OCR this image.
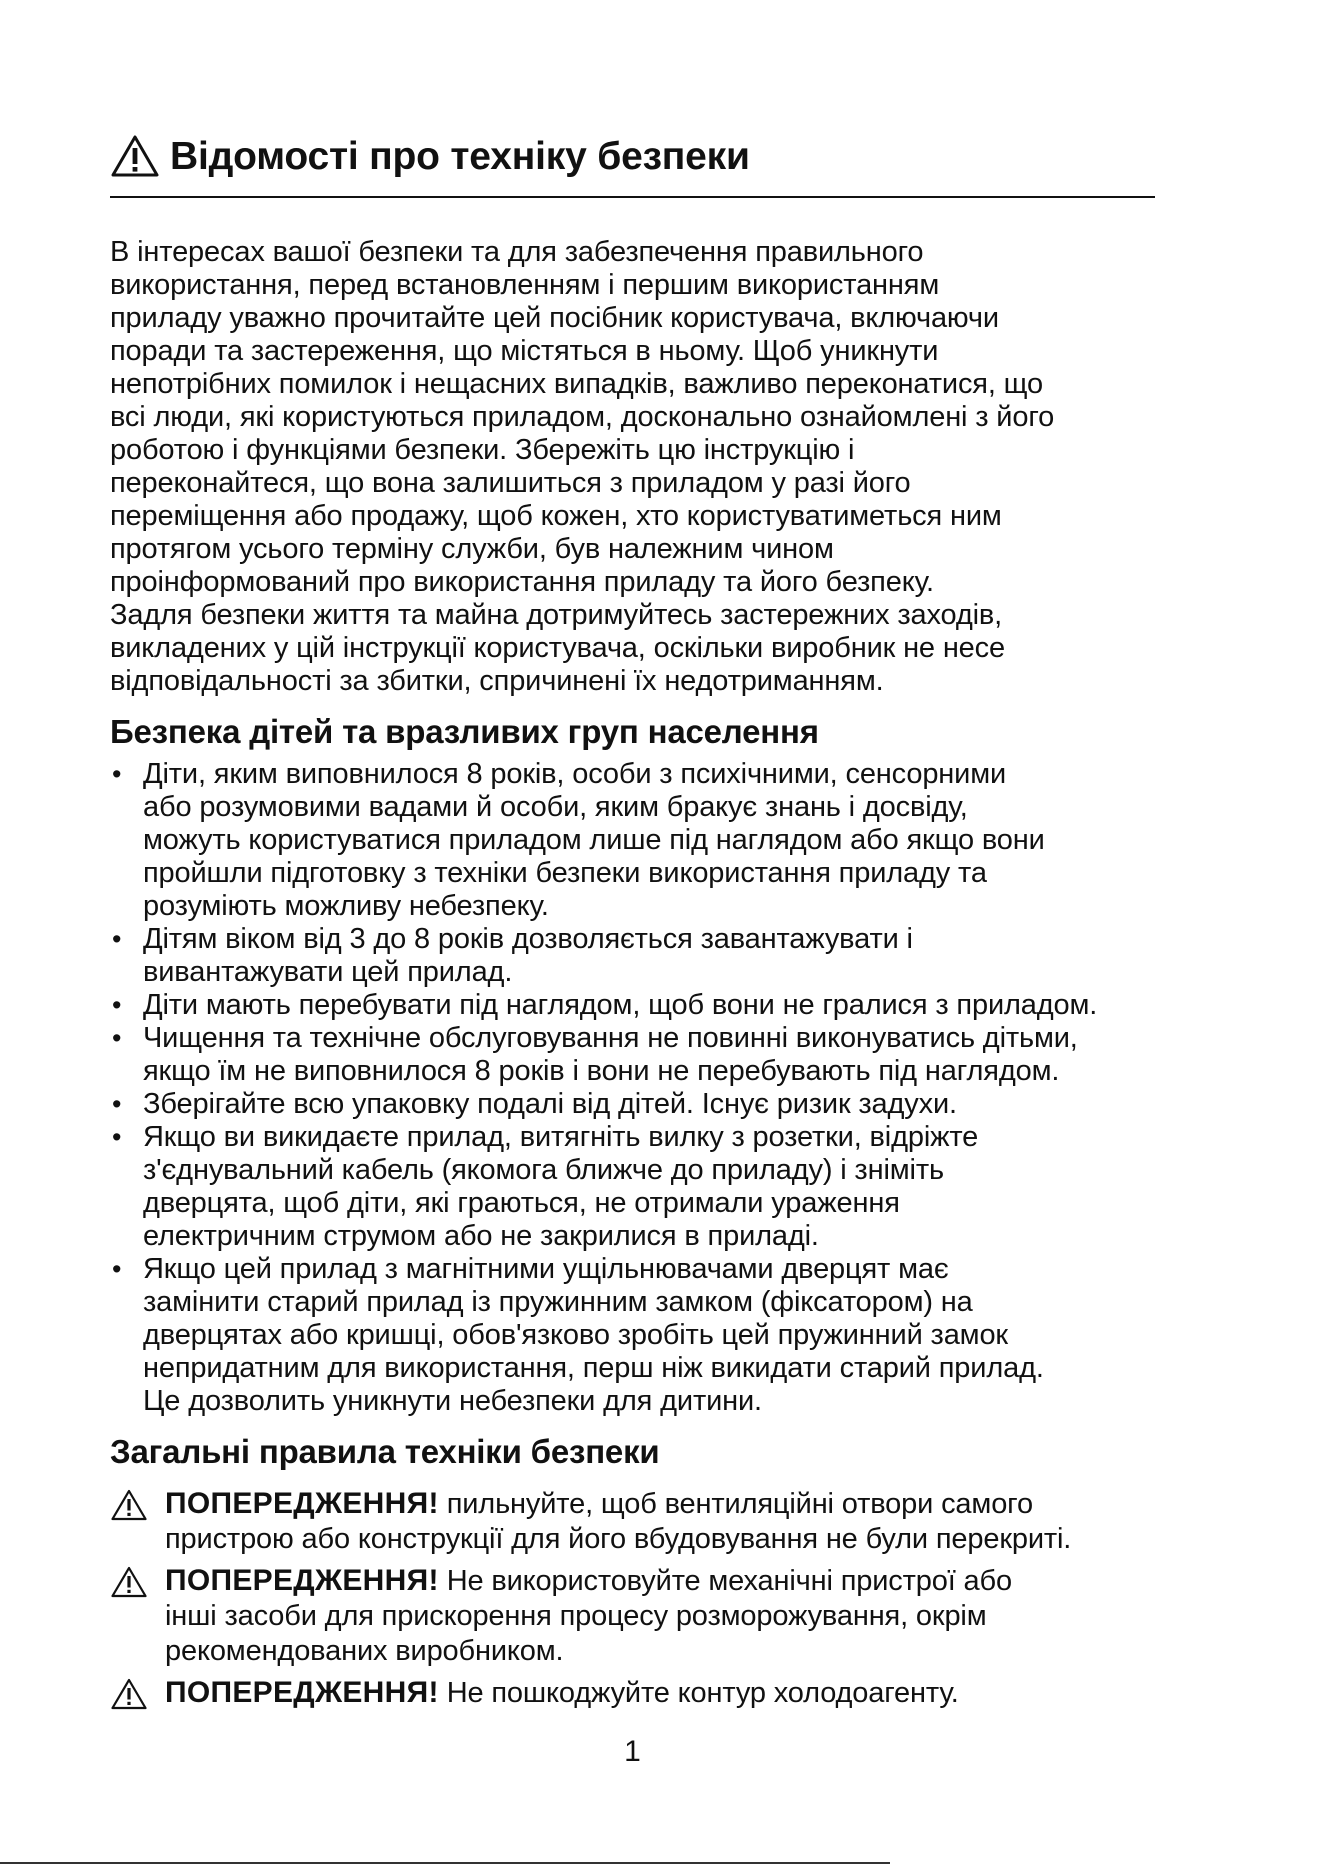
Відомості про техніку безпеки

В інтересах вашої безпеки та для забезпечення правильного

використання, перед встановленням і першим використанням

приладу уважно прочитайте цей посібник користувача, включаючи

поради та застереження, що містяться в ньому. Щоб уникнути

непотрібних помилок і нещасних випадків, важливо переконатися, що

всі люди, які користуються приладом, досконально ознайомлені з його

роботою і функціями безпеки. Збережіть цю інструкцію і

переконайтеся, що вона залишиться з приладом у разі його

переміщення або продажу, щоб кожен, хто користуватиметься ним

протягом усього терміну служби, був належним чином

проінформований про використання приладу та його безпеку.

Задля безпеки життя та майна дотримуйтесь застережних заходів,

викладених у цій інструкції користувача, оскільки виробник не несе

відповідальності за збитки, спричинені їх недотриманням.

Безпека дітей та вразливих груп населення
• Діти, яким виповнилося 8 років, особи з психічними, сенсорними
або розумовими вадами й особи, яким бракує знань і досвіду,
можуть користуватися приладом лише під наглядом або якщо вони
пройшли підготовку з техніки безпеки використання приладу та
розуміють можливу небезпеку.
• Дітям віком від 3 до 8 років дозволяється завантажувати і
вивантажувати цей прилад.
• Діти мають перебувати під наглядом, щоб вони не гралися з приладом.
• Чищення та технічне обслуговування не повинні виконуватись дітьми,
якщо їм не виповнилося 8 років і вони не перебувають під наглядом.
• Зберігайте всю упаковку подалі від дітей. Існує ризик задухи.
• Якщо ви викидаєте прилад, витягніть вилку з розетки, відріжте
з'єднувальний кабель (якомога ближче до приладу) і зніміть
дверцята, щоб діти, які граються, не отримали ураження
електричним струмом або не закрилися в приладі.
• Якщо цей прилад з магнітними ущільнювачами дверцят має
замінити старий прилад із пружинним замком (фіксатором) на
дверцятах або кришці, обов'язково зробіть цей пружинний замок
непридатним для використання, перш ніж викидати старий прилад.
Це дозволить уникнути небезпеки для дитини.
Загальні правила техніки безпеки
ПОПЕРЕДЖЕННЯ! пильнуйте, щоб вентиляційні отвори самого
пристрою або конструкції для його вбудовування не були перекриті.
ПОПЕРЕДЖЕННЯ! Не використовуйте механічні пристрої або
інші засоби для прискорення процесу розморожування, окрім
рекомендованих виробником.
ПОПЕРЕДЖЕННЯ! Не пошкоджуйте контур холодоагенту.
1
